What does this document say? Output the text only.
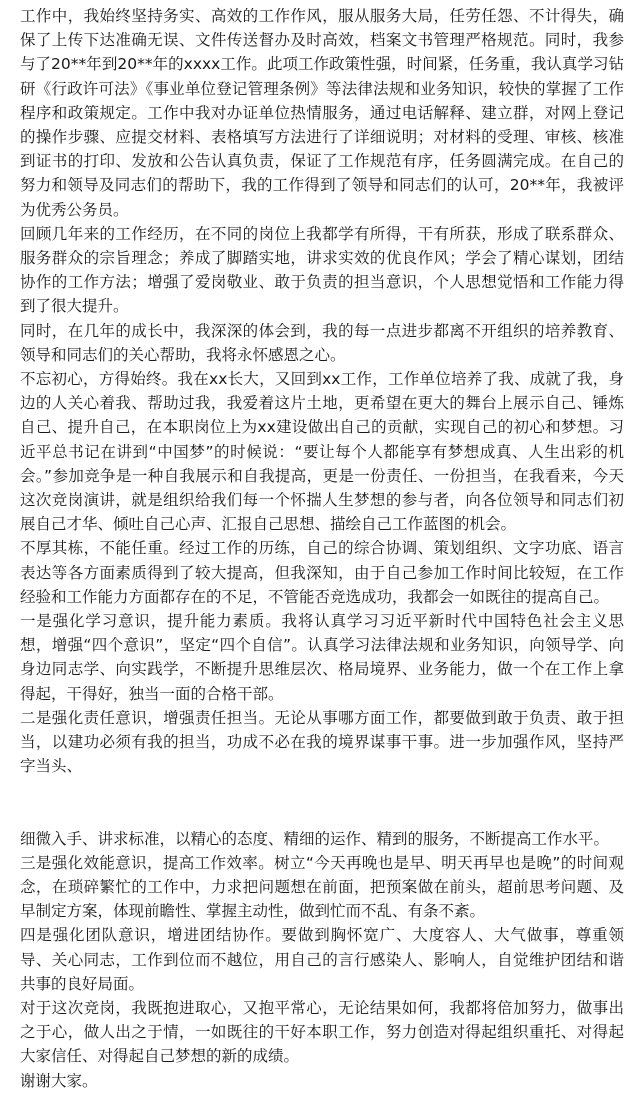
工作中，我始终坚持务实、高效的工作作风，服从服务大局，任劳任怨、不计得失，确保了上传下达准确无误、文件传送督办及时高效，档案文书管理严格规范。同时，我参与了20**年到20**年的xxxx工作。此项工作政策性强，时间紧，任务重，我认真学习钻研《行政许可法》《事业单位登记管理条例》等法律法规和业务知识，较快的掌握了工作程序和政策规定。工作中我对办证单位热情服务，通过电话解释、建立群，对网上登记的操作步骤、应提交材料、表格填写方法进行了详细说明；对材料的受理、审核、核准到证书的打印、发放和公告认真负责，保证了工作规范有序，任务圆满完成。在自己的努力和领导及同志们的帮助下，我的工作得到了领导和同志们的认可，20**年，我被评为优秀公务员。

回顾几年来的工作经历，在不同的岗位上我都学有所得，干有所获，形成了联系群众、服务群众的宗旨理念；养成了脚踏实地，讲求实效的优良作风；学会了精心谋划，团结协作的工作方法；增强了爱岗敬业、敢于负责的担当意识，个人思想觉悟和工作能力得到了很大提升。

同时，在几年的成长中，我深深的体会到，我的每一点进步都离不开组织的培养教育、领导和同志们的关心帮助，我将永怀感恩之心。

不忘初心，方得始终。我在xx长大，又回到xx工作，工作单位培养了我、成就了我，身边的人关心着我、帮助过我，我爱着这片土地，更希望在更大的舞台上展示自己、锤炼自己、提升自己，在本职岗位上为xx建设做出自己的贡献，实现自己的初心和梦想。习近平总书记在讲到“中国梦”的时候说：“要让每个人都能享有梦想成真、人生出彩的机会。”参加竞争是一种自我展示和自我提高，更是一份责任、一份担当，在我看来，今天这次竞岗演讲，就是组织给我们每一个怀揣人生梦想的参与者，向各位领导和同志们初展自己才华、倾吐自己心声、汇报自己思想、描绘自己工作蓝图的机会。

不厚其栋，不能任重。经过工作的历练，自己的综合协调、策划组织、文字功底、语言表达等各方面素质得到了较大提高，但我深知，由于自己参加工作时间比较短，在工作经验和工作能力方面都存在的不足，不管能否竞选成功，我都会一如既往的提高自己。

一是强化学习意识，提升能力素质。我将认真学习习近平新时代中国特色社会主义思想，增强“四个意识”，坚定“四个自信”。认真学习法律法规和业务知识，向领导学、向身边同志学、向实践学，不断提升思维层次、格局境界、业务能力，做一个在工作上拿得起，干得好，独当一面的合格干部。

二是强化责任意识，增强责任担当。无论从事哪方面工作，都要做到敢于负责、敢于担当，以建功必须有我的担当，功成不必在我的境界谋事干事。进一步加强作风，坚持严字当头、

细微入手、讲求标准，以精心的态度、精细的运作、精到的服务，不断提高工作水平。

三是强化效能意识，提高工作效率。树立“今天再晚也是早、明天再早也是晚”的时间观念，在琐碎繁忙的工作中，力求把问题想在前面，把预案做在前头，超前思考问题、及早制定方案，体现前瞻性、掌握主动性，做到忙而不乱、有条不紊。

四是强化团队意识，增进团结协作。要做到胸怀宽广、大度容人、大气做事，尊重领导、关心同志，工作到位而不越位，用自己的言行感染人、影响人，自觉维护团结和谐共事的良好局面。

对于这次竞岗，我既抱进取心，又抱平常心，无论结果如何，我都将倍加努力，做事出之于心，做人出之于情，一如既往的干好本职工作，努力创造对得起组织重托、对得起大家信任、对得起自己梦想的新的成绩。

谢谢大家。
